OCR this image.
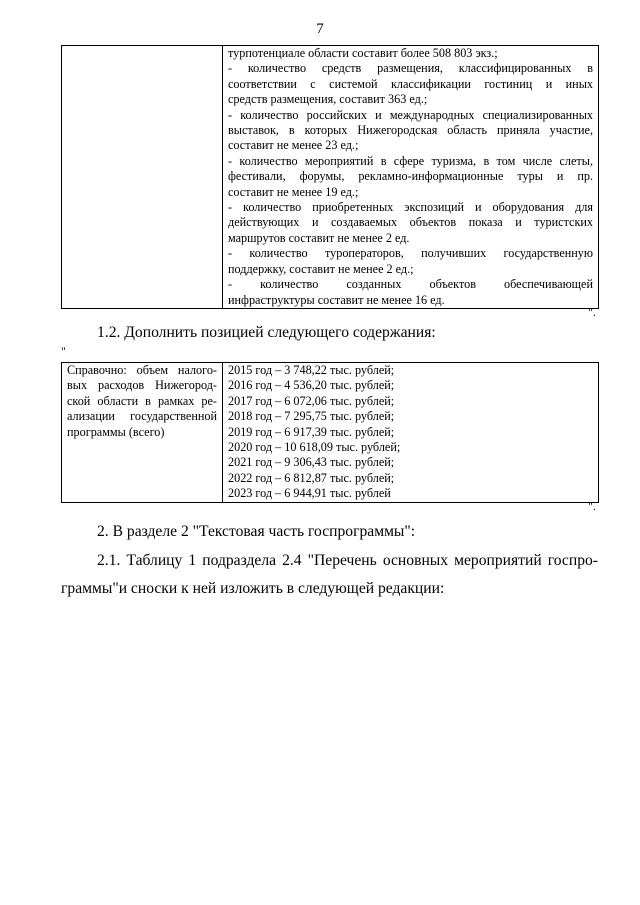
7

турпотенциале области составит более 508 803 экз.;
- количество средств размещения, классифицированных в
соответствии с системой классификации гостиниц и иных
средств размещения, составит 363 ед.;
- количество российских и международных специализированных
выставок, в которых Нижегородская область приняла участие,
составит не менее 23 ед.;
- количество мероприятий в сфере туризма, в том числе слеты,
фестивали, форумы, рекламно-информационные туры и пр.
составит не менее 19 ед.;
- количество приобретенных экспозиций и оборудования для
действующих и создаваемых объектов показа и туристских
маршрутов составит не менее 2 ед.
- количество туроператоров, получивших государственную
поддержку, составит не менее 2 ед.;
- количество созданных объектов обеспечивающей
инфраструктуры составит не менее 16 ед.
".
1.2. Дополнить позицией следующего содержания:
"
Справочно: объем налого-
вых расходов Нижегород-
ской области в рамках ре-
ализации государственной
программы (всего)

2015 год – 3 748,22 тыс. рублей;
2016 год – 4 536,20 тыс. рублей;
2017 год – 6 072,06 тыс. рублей;
2018 год – 7 295,75 тыс. рублей;
2019 год – 6 917,39 тыс. рублей;
2020 год – 10 618,09 тыс. рублей;
2021 год – 9 306,43 тыс. рублей;
2022 год – 6 812,87 тыс. рублей;
2023 год – 6 944,91 тыс. рублей
".
2. В разделе 2 "Текстовая часть госпрограммы":
2.1. Таблицу 1 подраздела 2.4 "Перечень основных мероприятий госпро-
граммы"и сноски к ней изложить в следующей редакции:
